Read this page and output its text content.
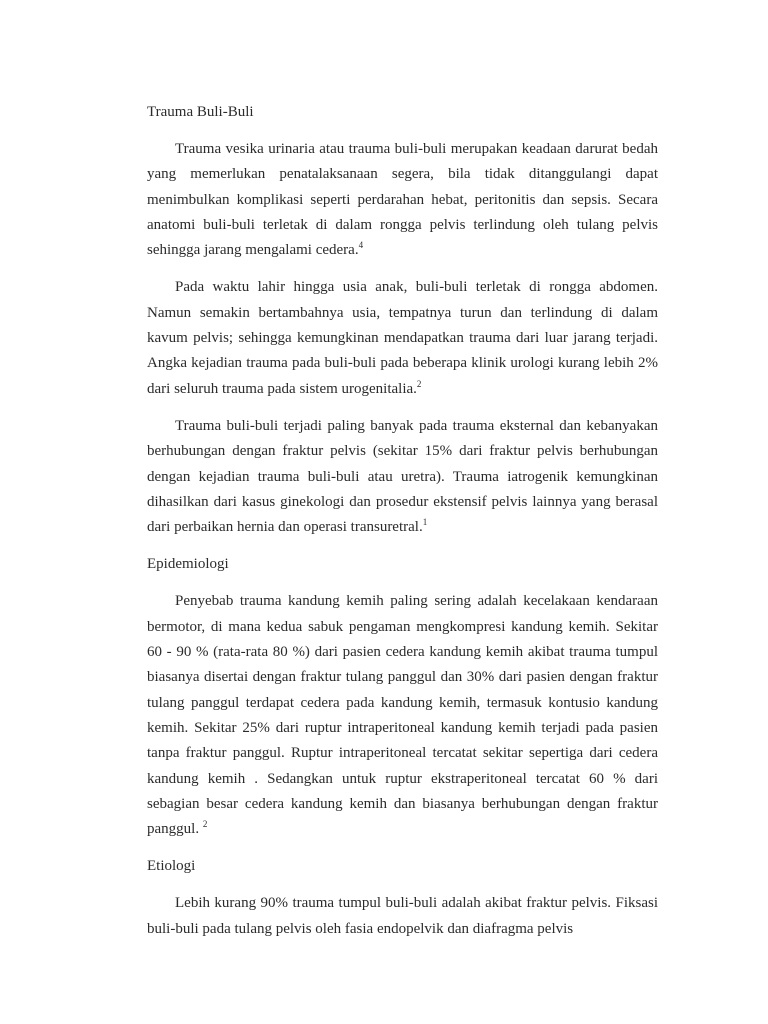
Trauma Buli-Buli

Trauma vesika urinaria atau trauma buli-buli merupakan keadaan darurat bedah yang memerlukan penatalaksanaan segera, bila tidak ditanggulangi dapat menimbulkan komplikasi seperti perdarahan hebat, peritonitis dan sepsis. Secara anatomi buli-buli terletak di dalam rongga pelvis terlindung oleh tulang pelvis sehingga jarang mengalami cedera.$^4$

Pada waktu lahir hingga usia anak, buli-buli terletak di rongga abdomen. Namun semakin bertambahnya usia, tempatnya turun dan terlindung di dalam kavum pelvis; sehingga kemungkinan mendapatkan trauma dari luar jarang terjadi. Angka kejadian trauma pada buli-buli pada beberapa klinik urologi kurang lebih 2% dari seluruh trauma pada sistem urogenitalia.$^2$

Trauma buli-buli terjadi paling banyak pada trauma eksternal dan kebanyakan berhubungan dengan fraktur pelvis (sekitar 15% dari fraktur pelvis berhubungan dengan kejadian trauma buli-buli atau uretra). Trauma iatrogenik kemungkinan dihasilkan dari kasus ginekologi dan prosedur ekstensif pelvis lainnya yang berasal dari perbaikan hernia dan operasi transuretral.$^1$

Epidemiologi

Penyebab trauma kandung kemih paling sering adalah kecelakaan kendaraan bermotor, di mana kedua sabuk pengaman mengkompresi kandung kemih. Sekitar 60 - 90 % (rata-rata 80 %) dari pasien cedera kandung kemih akibat trauma tumpul biasanya disertai dengan fraktur tulang panggul dan 30% dari pasien dengan fraktur tulang panggul terdapat cedera pada kandung kemih, termasuk kontusio kandung kemih. Sekitar 25% dari ruptur intraperitoneal kandung kemih terjadi pada pasien tanpa fraktur panggul. Ruptur intraperitoneal tercatat sekitar sepertiga dari cedera kandung kemih . Sedangkan untuk ruptur ekstraperitoneal tercatat 60 % dari sebagian besar cedera kandung kemih dan biasanya berhubungan dengan fraktur panggul. $^2$

Etiologi

Lebih kurang 90% trauma tumpul buli-buli adalah akibat fraktur pelvis. Fiksasi buli-buli pada tulang pelvis oleh fasia endopelvik dan diafragma pelvis
